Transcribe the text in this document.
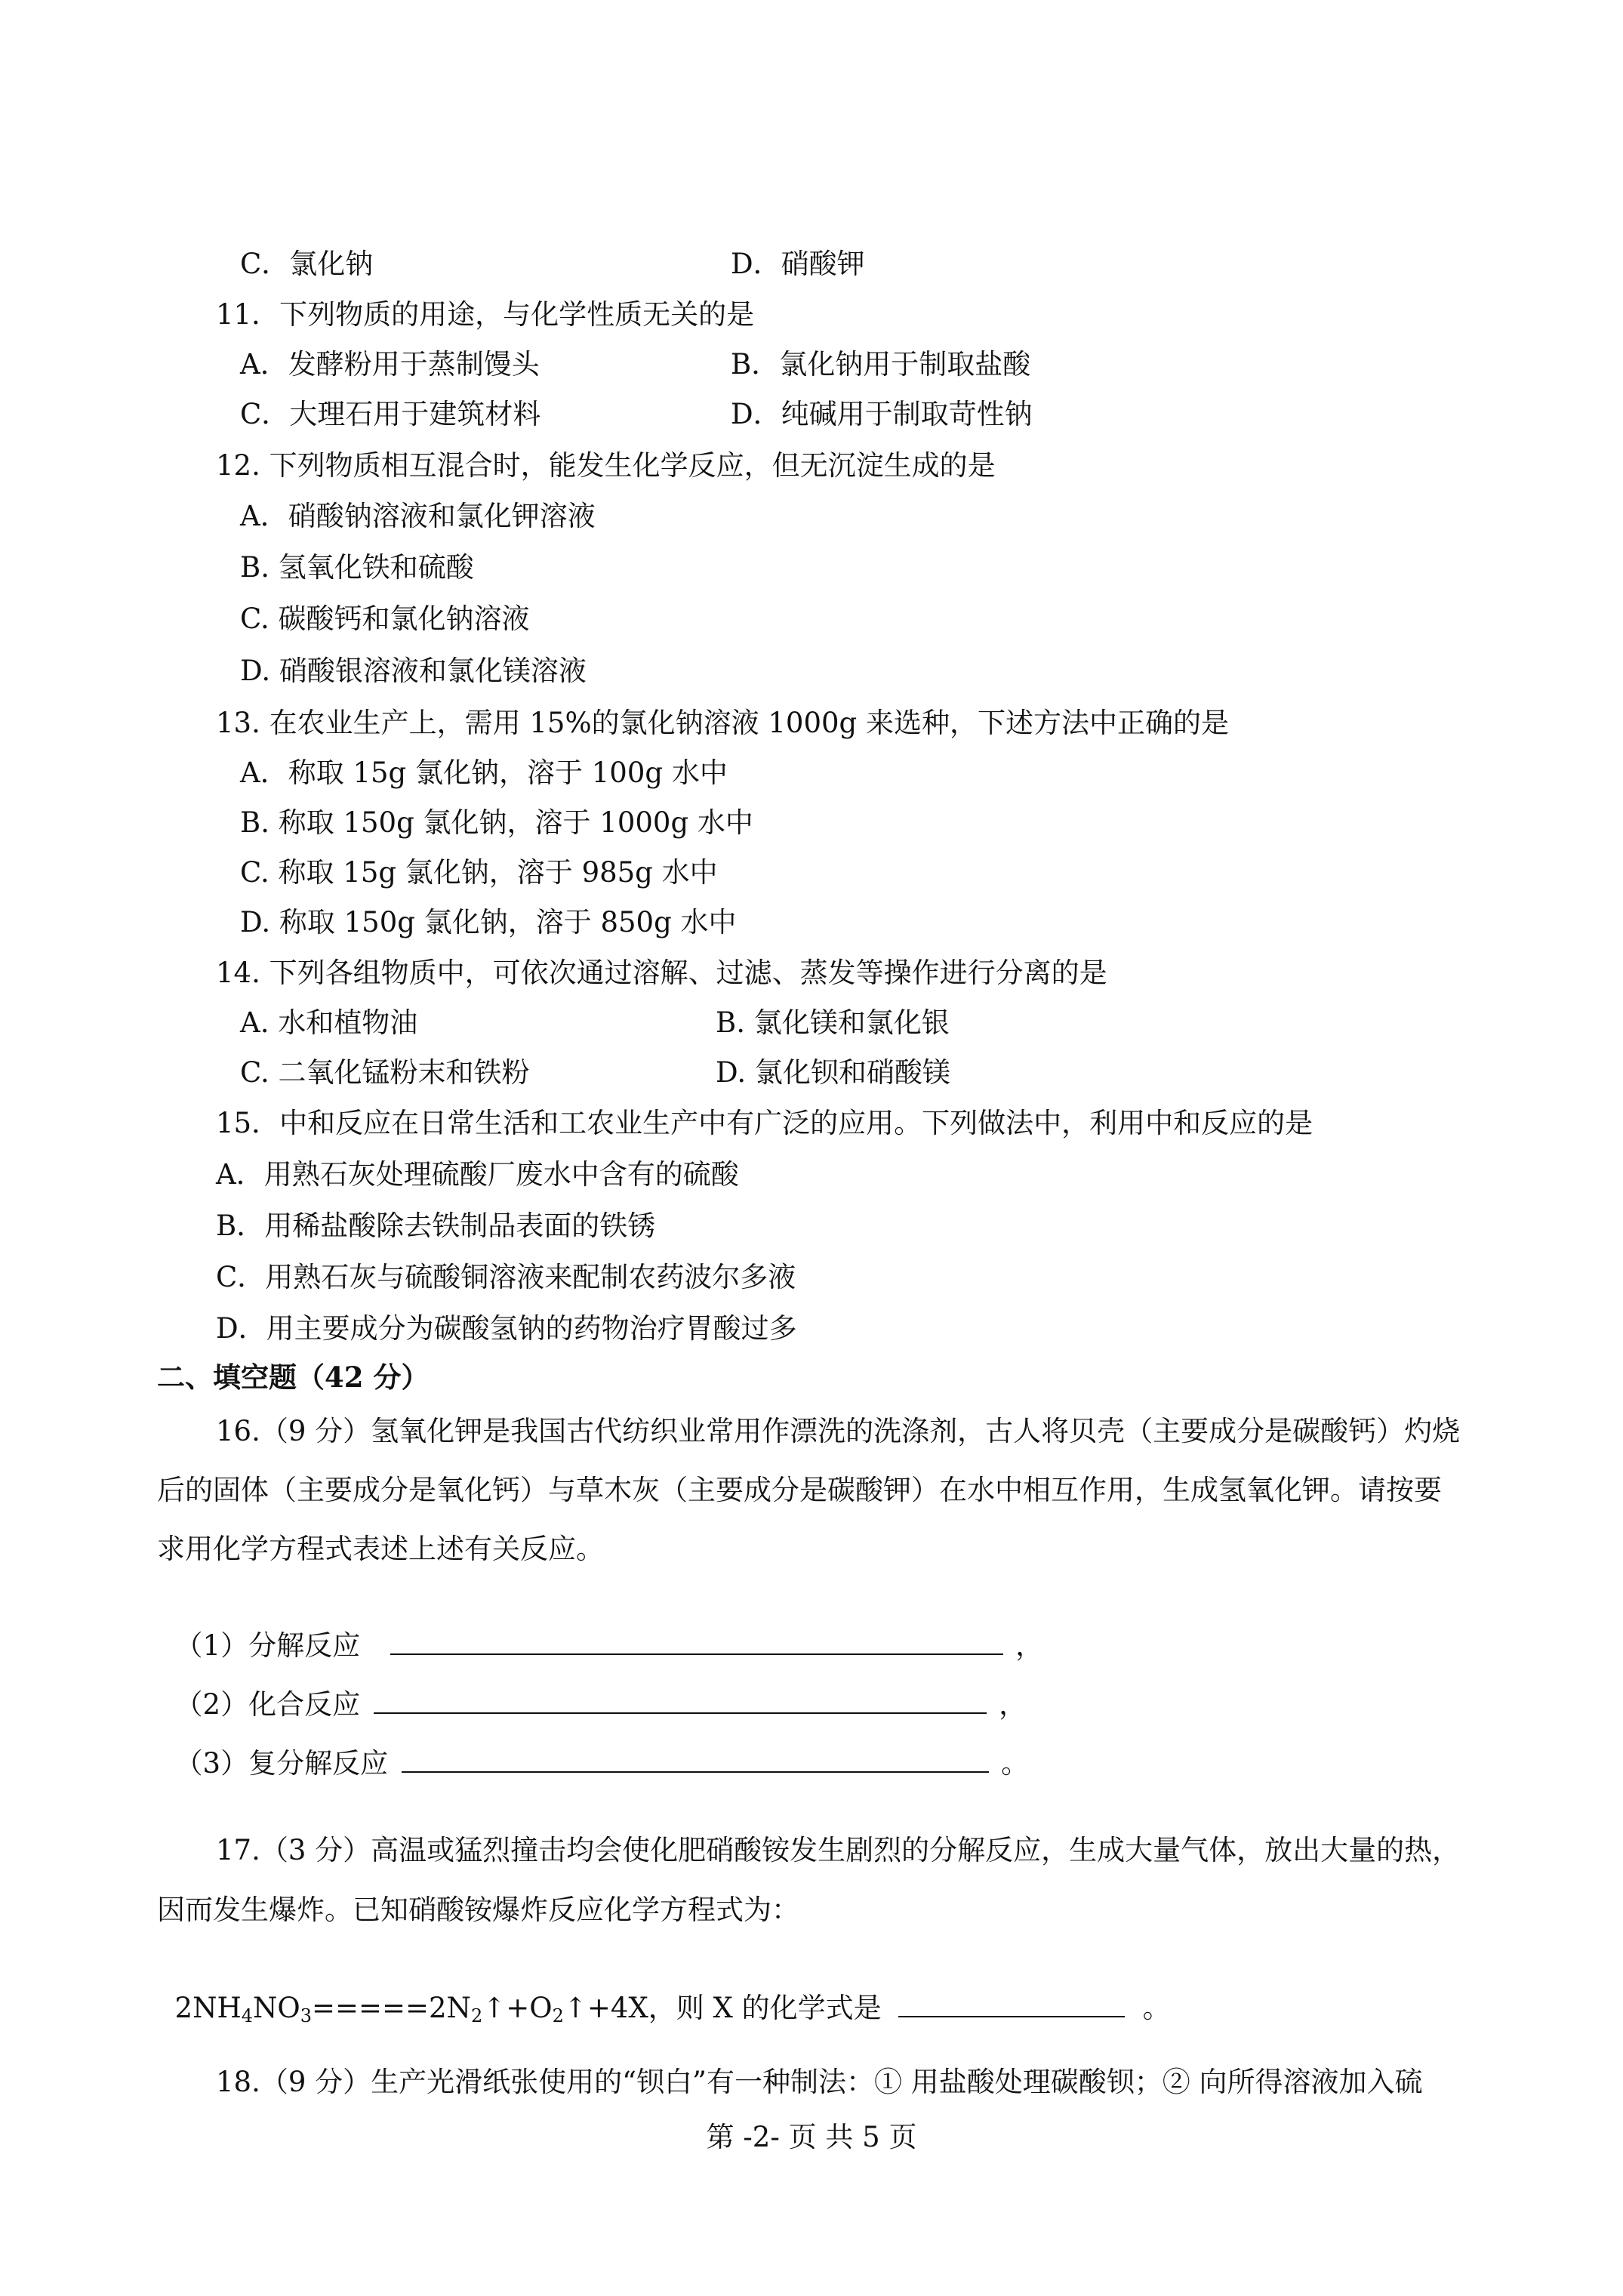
C．氯化钠	D．硝酸钾
11．下列物质的用途，与化学性质无关的是
A．发酵粉用于蒸制馒头	B．氯化钠用于制取盐酸
C．大理石用于建筑材料	D．纯碱用于制取苛性钠
12. 下列物质相互混合时，能发生化学反应，但无沉淀生成的是
A．硝酸钠溶液和氯化钾溶液
B. 氢氧化铁和硫酸
C. 碳酸钙和氯化钠溶液
D. 硝酸银溶液和氯化镁溶液
13. 在农业生产上，需用 15%的氯化钠溶液 1000g 来选种，下述方法中正确的是
A．称取 15g 氯化钠，溶于 100g 水中
B. 称取 150g 氯化钠，溶于 1000g 水中
C. 称取 15g 氯化钠，溶于 985g 水中
D. 称取 150g 氯化钠，溶于 850g 水中
14. 下列各组物质中，可依次通过溶解、过滤、蒸发等操作进行分离的是
A. 水和植物油	B. 氯化镁和氯化银
C. 二氧化锰粉末和铁粉	D. 氯化钡和硝酸镁
15．中和反应在日常生活和工农业生产中有广泛的应用。下列做法中，利用中和反应的是
A．用熟石灰处理硫酸厂废水中含有的硫酸
B．用稀盐酸除去铁制品表面的铁锈
C．用熟石灰与硫酸铜溶液来配制农药波尔多液
D．用主要成分为碳酸氢钠的药物治疗胃酸过多
二、填空题（42 分）
16.（9 分）氢氧化钾是我国古代纺织业常用作漂洗的洗涤剂，古人将贝壳（主要成分是碳酸钙）灼烧
后的固体（主要成分是氧化钙）与草木灰（主要成分是碳酸钾）在水中相互作用，生成氢氧化钾。请按要
求用化学方程式表述上述有关反应。

（1）分解反应	，

（2）化合反应	，

（3）复分解反应	。

17.（3 分）高温或猛烈撞击均会使化肥硝酸铵发生剧烈的分解反应，生成大量气体，放出大量的热，
因而发生爆炸。已知硝酸铵爆炸反应化学方程式为：

$2NH_4NO_3=====2N_2↑+O_2↑+4X$，则 X 的化学式是	。

18.（9 分）生产光滑纸张使用的“钡白”有一种制法：① 用盐酸处理碳酸钡；② 向所得溶液加入硫
第 -2- 页 共 5 页
